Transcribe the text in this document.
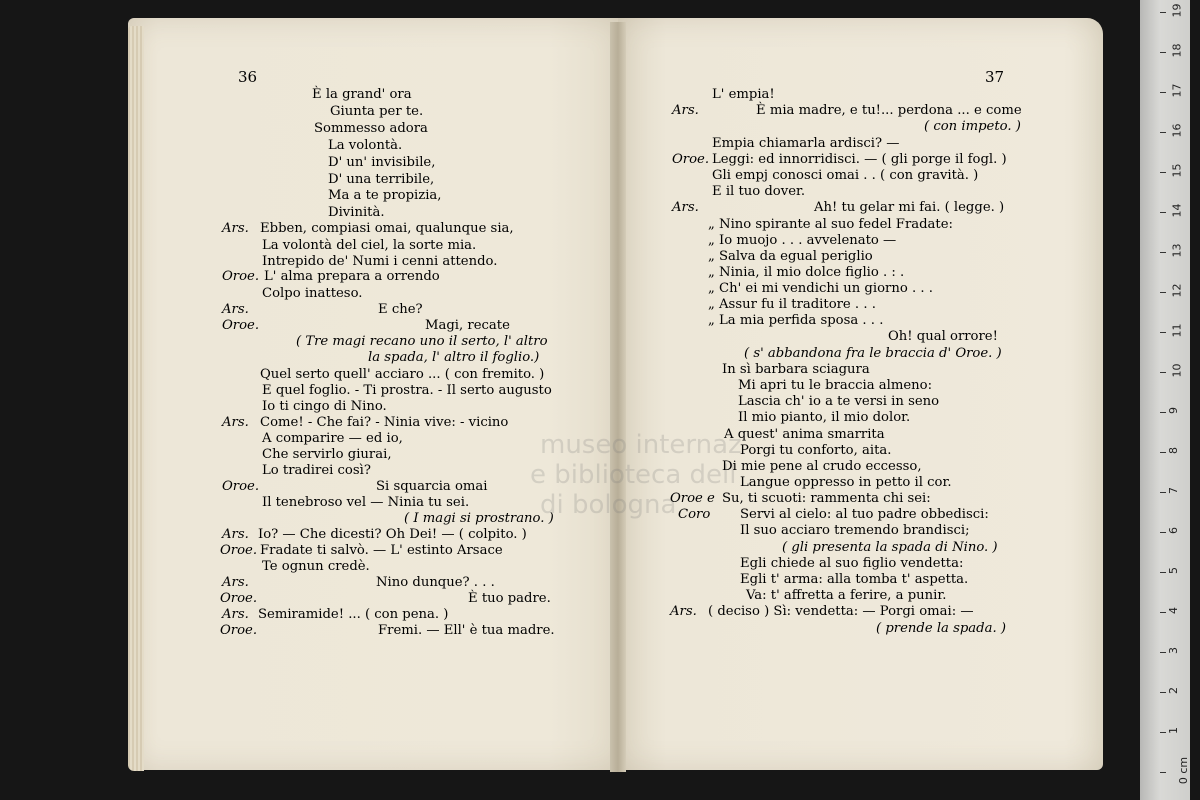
museo internaz
e biblioteca dell
di bologna
36	37
È la grand' ora
Giunta per te.
Sommesso adora
La volontà.
D' un' invisibile,
D' una terribile,
Ma a te propizia,
Divinità.
Ars. Ebben, compiasi omai, qualunque sia,
La volontà del ciel, la sorte mia.
Intrepido de' Numi i cenni attendo.
Oroe. L' alma prepara a orrendo
Colpo inatteso.
Ars.	E che?
Oroe.	Magi, recate
( Tre magi recano uno il serto, l' altro
la spada, l' altro il foglio.)
Quel serto quell' acciaro ... ( con fremito. )
E quel foglio. - Ti prostra. - Il serto augusto
Io ti cingo di Nino.
Ars. Come! - Che fai? - Ninia vive: - vicino
A comparire — ed io,
Che servirlo giurai,
Lo tradirei così?
Oroe.	Si squarcia omai
Il tenebroso vel — Ninia tu sei.
( I magi si prostrano. )
Ars. Io? — Che dicesti? Oh Dei! — ( colpito. )
Oroe. Fradate ti salvò. — L' estinto Arsace
Te ognun credè.
Ars.	Nino dunque? . . .
Oroe.	È tuo padre.
Ars. Semiramide! ... ( con pena. )
Oroe.	Fremi. — Ell' è tua madre.
L' empia!
Ars.	È mia madre, e tu!... perdona ... e come
( con impeto. )
Empia chiamarla ardisci? —
Oroe. Leggi: ed innorridisci. — ( gli porge il fogl. )
Gli empj conosci omai . . ( con gravità. )
E il tuo dover.
Ars.	Ah! tu gelar mi fai. ( legge. )
„ Nino spirante al suo fedel Fradate:
„ Io muojo . . . avvelenato —
„ Salva da egual periglio
„ Ninia, il mio dolce figlio . : .
„ Ch' ei mi vendichi un giorno . . .
„ Assur fu il traditore . . .
„ La mia perfida sposa . . .
Oh! qual orrore!
( s' abbandona fra le braccia d' Oroe. )
In sì barbara sciagura
Mi apri tu le braccia almeno:
Lascia ch' io a te versi in seno
Il mio pianto, il mio dolor.
A quest' anima smarrita
Porgi tu conforto, aita.
Di mie pene al crudo eccesso,
Langue oppresso in petto il cor.
Oroe e Su, ti scuoti: rammenta chi sei:
Coro Servi al cielo: al tuo padre obbedisci:
Il suo acciaro tremendo brandisci;
( gli presenta la spada di Nino. )
Egli chiede al suo figlio vendetta:
Egli t' arma: alla tomba t' aspetta.
Va: t' affretta a ferire, a punir.
Ars. ( deciso ) Sì: vendetta: — Porgi omai: —
( prende la spada. )
0 cm
1
2
3
4
5
6
7
8
9
10
11
12
13
14
15
16
17
18
19
